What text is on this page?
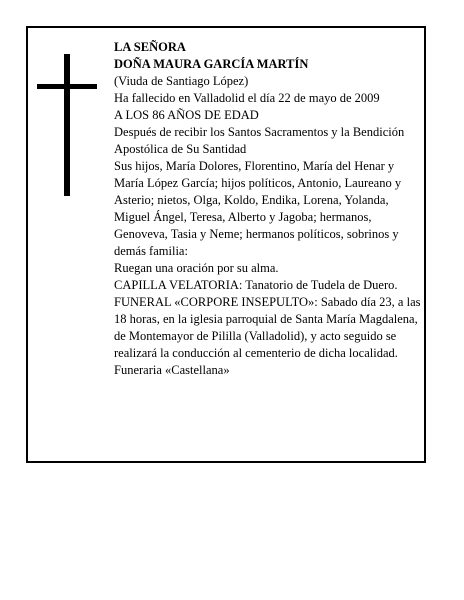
LA SEÑORA

DOÑA MAURA GARCÍA MARTÍN

(Viuda de Santiago López)

Ha fallecido en Valladolid el día 22 de mayo de 2009

A LOS 86 AÑOS DE EDAD

Después de recibir los Santos Sacramentos y la Bendición Apostólica de Su Santidad

Sus hijos, María Dolores, Florentino, María del Henar y María López García; hijos políticos, Antonio, Laureano y Asterio; nietos, Olga, Koldo, Endika, Lorena, Yolanda, Miguel Ángel, Teresa, Alberto y Jagoba; hermanos, Genoveva, Tasia y Neme; hermanos políticos, sobrinos y demás familia:

Ruegan una oración por su alma.

CAPILLA VELATORIA: Tanatorio de Tudela de Duero.

FUNERAL «CORPORE INSEPULTO»: Sabado día 23, a las 18 horas, en la iglesia parroquial de Santa María Magdalena, de Montemayor de Pililla (Valladolid), y acto seguido se realizará la conducción al cementerio de dicha localidad.

Funeraria «Castellana»
